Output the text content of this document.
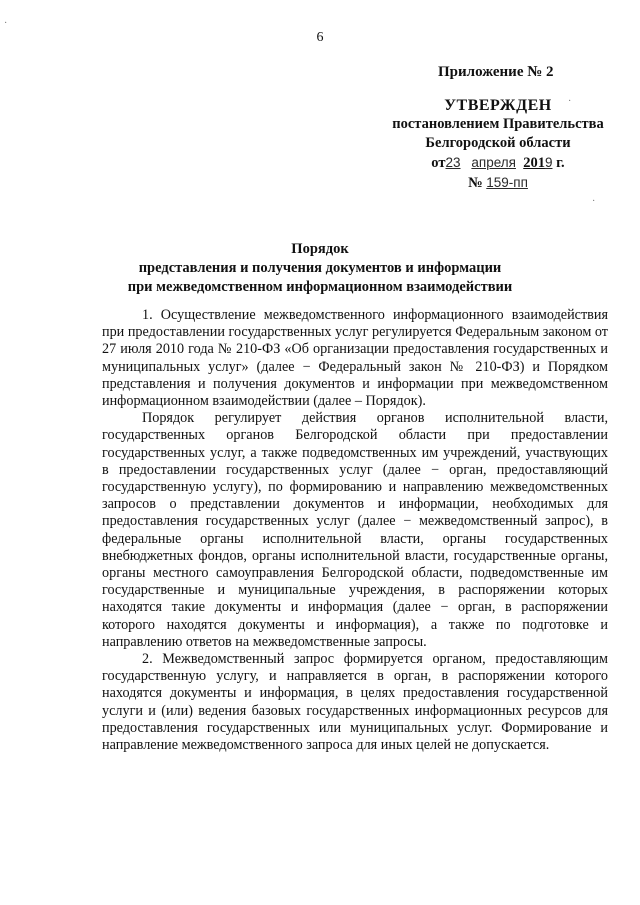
6
Приложение № 2
УТВЕРЖДЕН
постановлением Правительства
Белгородской области
от23 апреля 2019 г.
№ 159-пп
Порядок
представления и получения документов и информации
при межведомственном информационном взаимодействии

1. Осуществление межведомственного информационного взаимодействия при предоставлении государственных услуг регулируется Федеральным законом от 27 июля 2010 года № 210-ФЗ «Об организации предоставления государственных и муниципальных услуг» (далее − Федеральный закон № 210-ФЗ) и Порядком представления и получения документов и информации при межведомственном информационном взаимодействии (далее – Порядок).

Порядок регулирует действия органов исполнительной власти, государственных органов Белгородской области при предоставлении государственных услуг, а также подведомственных им учреждений, участвующих в предоставлении государственных услуг (далее − орган, предоставляющий государственную услугу), по формированию и направлению межведомственных запросов о представлении документов и информации, необходимых для предоставления государственных услуг (далее − межведомственный запрос), в федеральные органы исполнительной власти, органы государственных внебюджетных фондов, органы исполнительной власти, государственные органы, органы местного самоуправления Белгородской области, подведомственные им государственные и муниципальные учреждения, в распоряжении которых находятся такие документы и информация (далее − орган, в распоряжении которого находятся документы и информация), а также по подготовке и направлению ответов на межведомственные запросы.

2. Межведомственный запрос формируется органом, предоставляющим государственную услугу, и направляется в орган, в распоряжении которого находятся документы и информация, в целях предоставления государственной услуги и (или) ведения базовых государственных информационных ресурсов для предоставления государственных или муниципальных услуг. Формирование и направление межведомственного запроса для иных целей не допускается.

·
·
·
